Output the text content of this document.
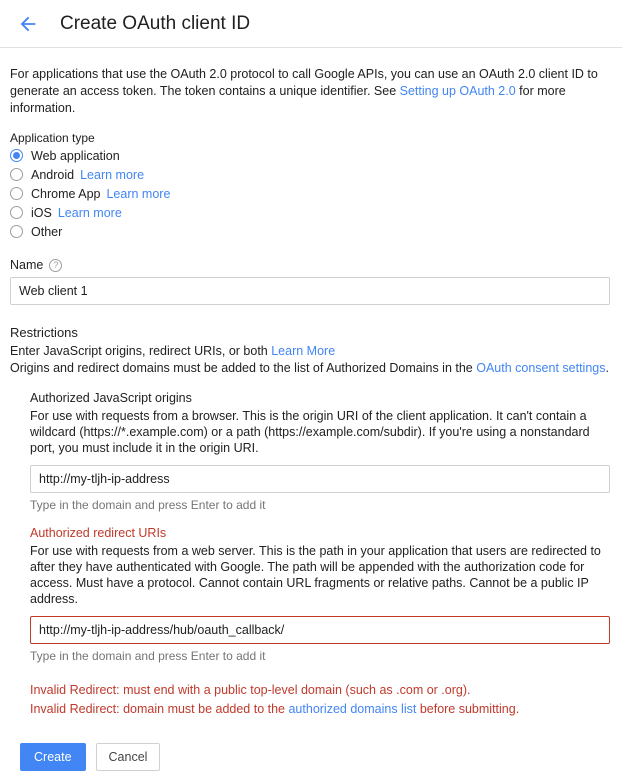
Create OAuth client ID
For applications that use the OAuth 2.0 protocol to call Google APIs, you can use an OAuth 2.0 client ID to generate an access token. The token contains a unique identifier. See Setting up OAuth 2.0 for more information.
Application type
Web application
Android Learn more
Chrome App Learn more
iOS Learn more
Other
Name	?
Web client 1
Restrictions
Enter JavaScript origins, redirect URIs, or both Learn More
Origins and redirect domains must be added to the list of Authorized Domains in the OAuth consent settings.
Authorized JavaScript origins
For use with requests from a browser. This is the origin URI of the client application. It can't contain a wildcard (https://*.example.com) or a path (https://example.com/subdir). If you're using a nonstandard port, you must include it in the origin URI.
http://my-tljh-ip-address
Type in the domain and press Enter to add it
Authorized redirect URIs
For use with requests from a web server. This is the path in your application that users are redirected to after they have authenticated with Google. The path will be appended with the authorization code for access. Must have a protocol. Cannot contain URL fragments or relative paths. Cannot be a public IP address.
http://my-tljh-ip-address/hub/oauth_callback/
Type in the domain and press Enter to add it
Invalid Redirect: must end with a public top-level domain (such as .com or .org).
Invalid Redirect: domain must be added to the authorized domains list before submitting.
Create	Cancel
